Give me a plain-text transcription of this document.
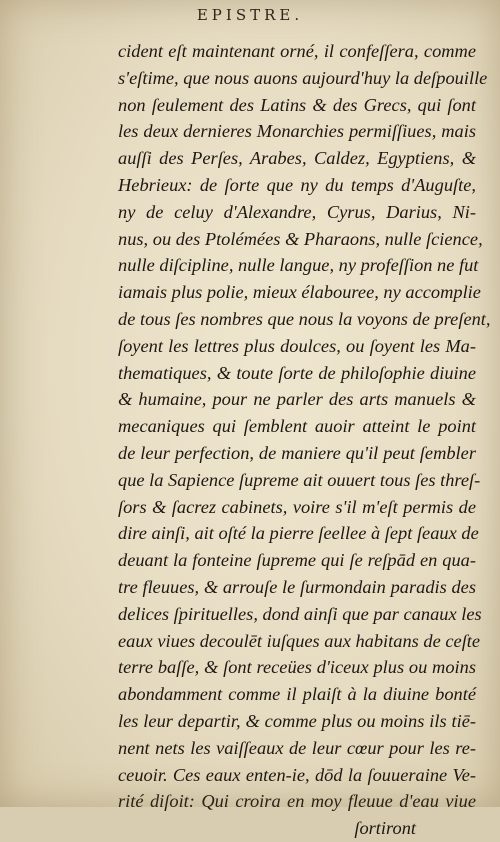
EPISTRE.
cident eſt maintenant orné, il confeſſera, comme
s'eſtime, que nous auons aujourd'huy la deſpouille
non ſeulement des Latins & des Grecs, qui ſont
les deux dernieres Monarchies permiſſiues, mais
auſſi des Perſes, Arabes, Caldez, Egyptiens, &
Hebrieux: de ſorte que ny du temps d'Auguſte,
ny de celuy d'Alexandre, Cyrus, Darius, Ni-
nus, ou des Ptolémées & Pharaons, nulle ſcience,
nulle diſcipline, nulle langue, ny profeſſion ne fut
iamais plus polie, mieux élabouree, ny accomplie
de tous ſes nombres que nous la voyons de preſent,
ſoyent les lettres plus doulces, ou ſoyent les Ma-
thematiques, & toute ſorte de philoſophie diuine
& humaine, pour ne parler des arts manuels &
mecaniques qui ſemblent auoir atteint le point
de leur perfection, de maniere qu'il peut ſembler
que la Sapience ſupreme ait ouuert tous ſes threſ-
ſors & ſacrez cabinets, voire s'il m'eſt permis de
dire ainſi, ait oſté la pierre ſeellee à ſept ſeaux de
deuant la fonteine ſupreme qui ſe reſpād en qua-
tre fleuues, & arrouſe le ſurmondain paradis des
delices ſpirituelles, dond ainſi que par canaux les
eaux viues decoulēt iuſques aux habitans de ceſte
terre baſſe, & ſont receües d'iceux plus ou moins
abondamment comme il plaiſt à la diuine bonté
les leur departir, & comme plus ou moins ils tiē-
nent nets les vaiſſeaux de leur cœur pour les re-
ceuoir. Ces eaux enten-ie, dōd la ſouueraine Ve-
rité diſoit: Qui croira en moy fleuue d'eau viue
ſortiront
